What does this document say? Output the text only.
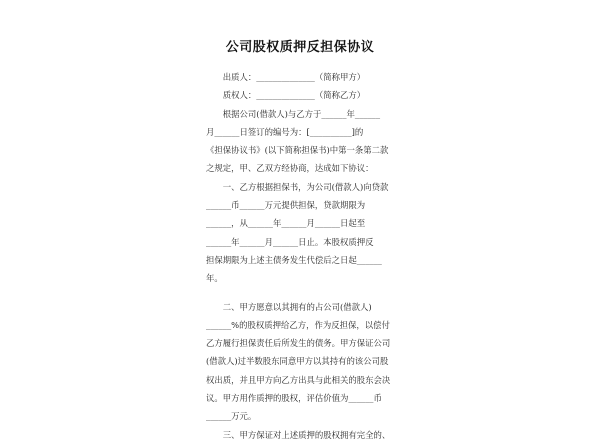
公司股权质押反担保协议
　　出质人：______________（简称甲方）
　　质权人：______________（简称乙方）
　　根据公司(借款人)与乙方于______年______
月______日签订的编号为：[__________]的
《担保协议书》(以下简称担保书)中第一条第二款
之规定，甲、乙双方经协商，达成如下协议：
　　一、乙方根据担保书，为公司(借款人)向贷款
______币______万元提供担保，贷款期限为
______，从______年______月______日起至
______年______月______日止。本股权质押反
担保期限为上述主债务发生代偿后之日起______
年。
　　二、甲方愿意以其拥有的占公司(借款人)
______%的股权质押给乙方，作为反担保，以偿付
乙方履行担保责任后所发生的债务。甲方保证公司
(借款人)过半数股东同意甲方以其持有的该公司股
权出质，并且甲方向乙方出具与此相关的股东会决
议。甲方用作质押的股权，评估价值为______币
______万元。
　　三、甲方保证对上述质押的股权拥有完全的、
